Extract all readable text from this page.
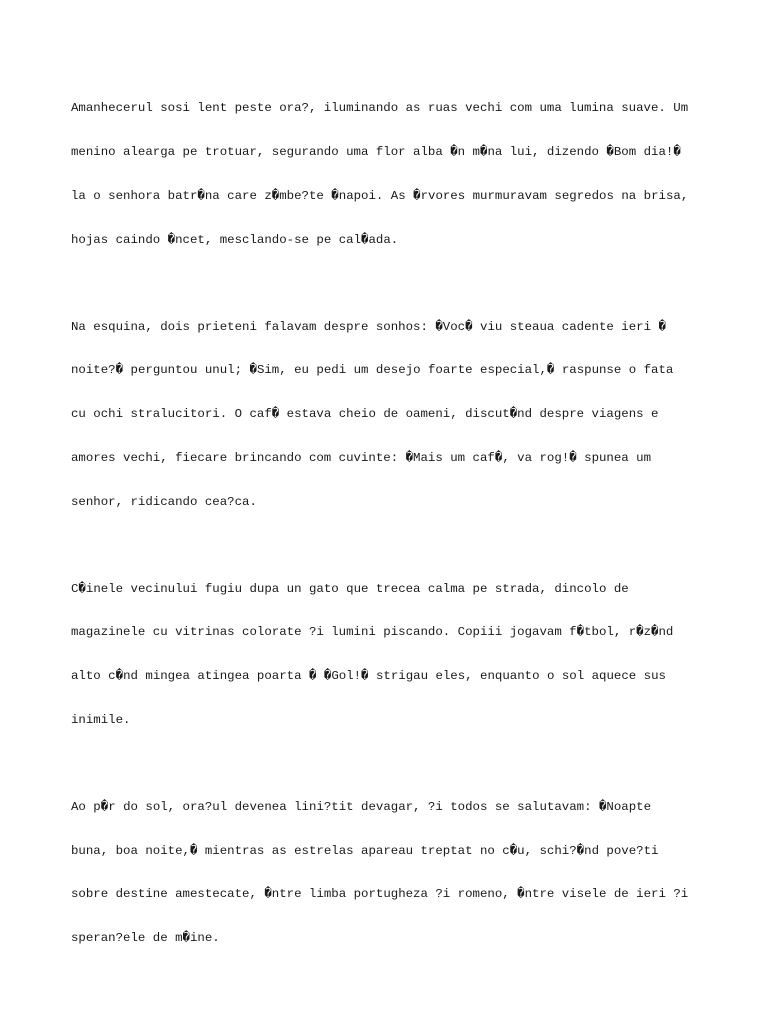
Amanhecerul sosi lent peste ora?, iluminando as ruas vechi com uma lumina suave. Um

menino alearga pe trotuar, segurando uma flor alba �n m�na lui, dizendo �Bom dia!�

la o senhora batr�na care z�mbe?te �napoi. As �rvores murmuravam segredos na brisa,

hojas caindo �ncet, mesclando-se pe cal�ada.

Na esquina, dois prieteni falavam despre sonhos: �Voc� viu steaua cadente ieri �

noite?� perguntou unul; �Sim, eu pedi um desejo foarte especial,� raspunse o fata

cu ochi stralucitori. O caf� estava cheio de oameni, discut�nd despre viagens e

amores vechi, fiecare brincando com cuvinte: �Mais um caf�, va rog!� spunea um

senhor, ridicando cea?ca.

C�inele vecinului fugiu dupa un gato que trecea calma pe strada, dincolo de

magazinele cu vitrinas colorate ?i lumini piscando. Copiii jogavam f�tbol, r�z�nd

alto c�nd mingea atingea poarta � �Gol!� strigau eles, enquanto o sol aquece sus

inimile.

Ao p�r do sol, ora?ul devenea lini?tit devagar, ?i todos se salutavam: �Noapte

buna, boa noite,� mientras as estrelas apareau treptat no c�u, schi?�nd pove?ti

sobre destine amestecate, �ntre limba portugheza ?i romeno, �ntre visele de ieri ?i

speran?ele de m�ine.
